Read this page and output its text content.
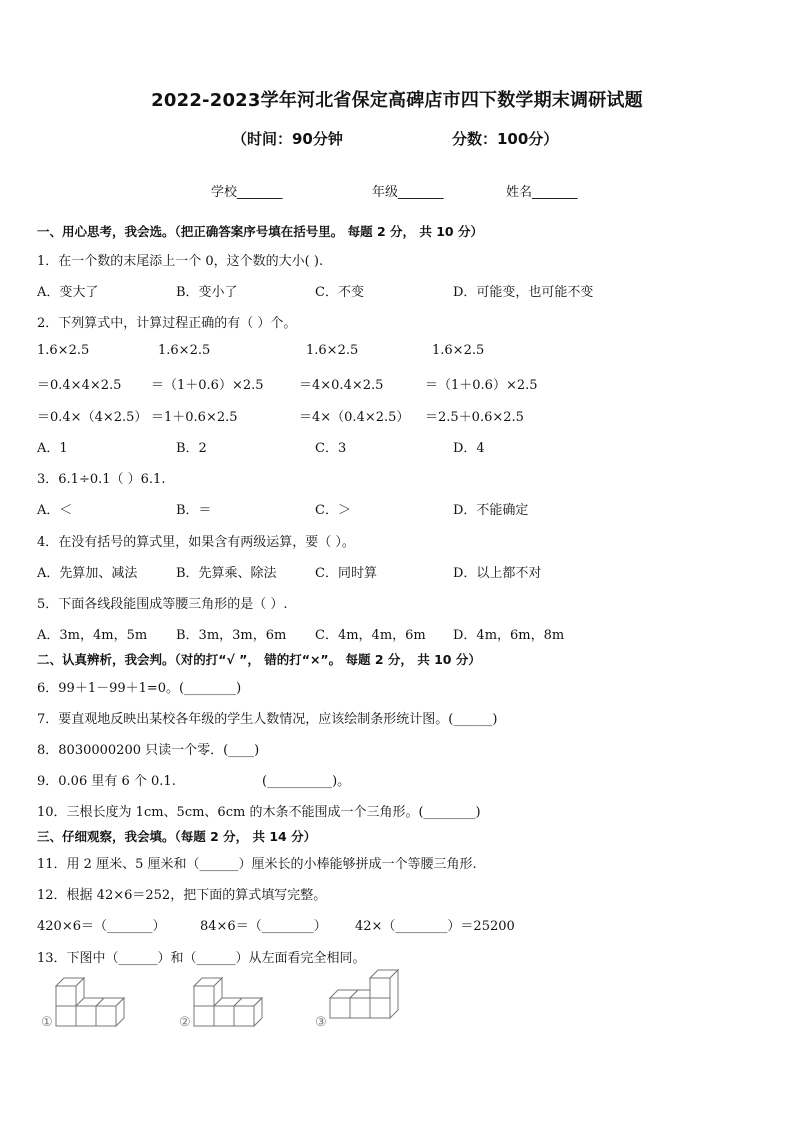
2022-2023学年河北省保定高碑店市四下数学期末调研试题
（时间：90分钟	分数：100分）
学校_______	年级_______	姓名_______
一、用心思考，我会选。（把正确答案序号填在括号里。 每题 2 分， 共 10 分）
1．在一个数的末尾添上一个 0，这个数的大小( ).
A．变大了	B．变小了	C．不变	D．可能变，也可能不变
2．下列算式中，计算过程正确的有（ ）个。
1.6×2.5	1.6×2.5	1.6×2.5	1.6×2.5
＝0.4×4×2.5 ＝（1＋0.6）×2.5	＝4×0.4×2.5	＝（1＋0.6）×2.5
＝0.4×（4×2.5） ＝1＋0.6×2.5	＝4×（0.4×2.5） ＝2.5＋0.6×2.5
A．1	B．2	C．3	D．4
3．6.1÷0.1（ ）6.1.
A．＜	B．＝	C．＞	D．不能确定
4．在没有括号的算式里，如果含有两级运算，要（ ）。
A．先算加、减法	B．先算乘、除法	C．同时算	D．以上都不对
5．下面各线段能围成等腰三角形的是（ ）.
A．3m，4m，5m B．3m，3m，6m C．4m，4m，6m D．4m，6m，8m
二、认真辨析，我会判。（对的打“√ ”， 错的打“×”。 每题 2 分， 共 10 分）
6．99＋1－99＋1=0。(________)
7．要直观地反映出某校各年级的学生人数情况，应该绘制条形统计图。(______)
8．8030000200 只读一个零．(____)
9．0.06 里有 6 个 0.1.	(__________)。
10．三根长度为 1cm、5cm、6cm 的木条不能围成一个三角形。(________)
三、仔细观察，我会填。（每题 2 分， 共 14 分）
11．用 2 厘米、5 厘米和（______）厘米长的小棒能够拼成一个等腰三角形.
12．根据 42×6＝252，把下面的算式填写完整。
420×6＝（_______）	84×6＝（________） 42×（________）＝25200
13．下图中（______）和（______）从左面看完全相同。
①	②	③
